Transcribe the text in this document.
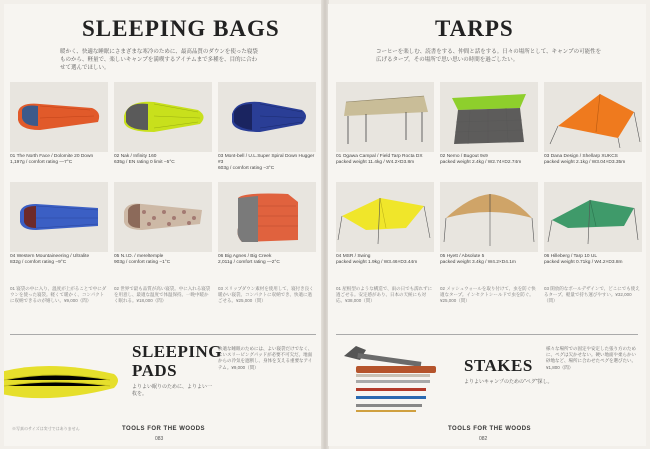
SLEEPING BAGS

暖かく、快適な睡眠にさまざまな寒冷のために、最高品質のダウンを使った寝袋ものから、軽量で、楽しいキャンプを満喫するアイテムまで多種を、目的に合わせて選んでほしい。

01 The North Face / Dolomite 20 Down
1,197g / comfort rating —7°C
02 Nak / Infinity 160
635g / EN rating 0 limit −5°C
03 Mont-bell / U.L.Super Spiral Down Hugger #3
603g / comfort rating −3°C
04 Western Mountaineering / Ultralite
832g / comfort rating −9°C
05 N.I.D. / mereltemple
903g / comfort rating −1°C
06 Big Agnes / Big Creek
2,011g / comfort rating —2°C

01 寝袋の中に入り、温度が上がることで中にダウンを使った寝袋。軽くて暖かく、コンパクトに収納できるのが嬉しい。¥9,000（問）

02 世界で最も品質が高い寝袋。中に入れる寝袋を用意し、最適な温度で体温保持。一晩中暖かく眠れる。¥18,000（問）

03 スリップダウン素材を使用して、寝付き良く暖かい寝袋。コンパクトに収納でき、快適に過ごせる。¥25,000（問）

SLEEPING PADS
よりよい眠りのために、よりよい一枚を。

快適な睡眠のためには、よい寝袋だけでなく、よいスリーピングパッドが必要不可欠だ。地面からの冷気を遮断し、身体を支える重要なアイテム。¥9,000（問）

※写真のサイズは実寸ではありません	TOOLS FOR THE WOODS
083
TARPS

コーヒーを楽しむ、読書をする、仲間と話をする。日々の場所として、キャンプの可能性を広げるタープ。その場所で思い思いの時間を過ごしたい。

01 Ogawa Campal / Field Tarp Rocta DX
packed weight 11.4kg / W4.2×D3.8m
02 Nemo / Bugout 9x9
packed weight 2.4kg / W2.74×D2.74m
03 Dana Design / Shellarp XUKCS
packed weight 2.1kg / W3.04×D3.35m
04 MSR / Swing
packed weight 1.9kg / W3.46×D3.44m
05 Hyett / Absolute 5
packed weight 3.4kg / W4.2×D4.1m
06 Hilleberg / Tarp 10 UL
packed weight 0.71kg / W4.2×D3.8m

01 屋根型のような構造で、雨の日でも濡れずに過ごせる。安定感があり、日本の天候にも対応。¥38,000（問）

02 メッシュウォールを取り付けて、虫を防ぐ快適なタープ。インセクトシールドで虫を防ぐ。¥25,000（問）

03 開放的なポールデザインで、どこにでも使えるタープ。軽量で持ち運びやすい。¥32,000（問）

STAKES
よりよいキャンプのための"ペグ"探し。

様々な場所での固定や安定した張り方のために、ペグは欠かせない。硬い地面や柔らかい砂地など、場所に合わせたペグを選びたい。¥1,800（問）

TOOLS FOR THE WOODS
082
